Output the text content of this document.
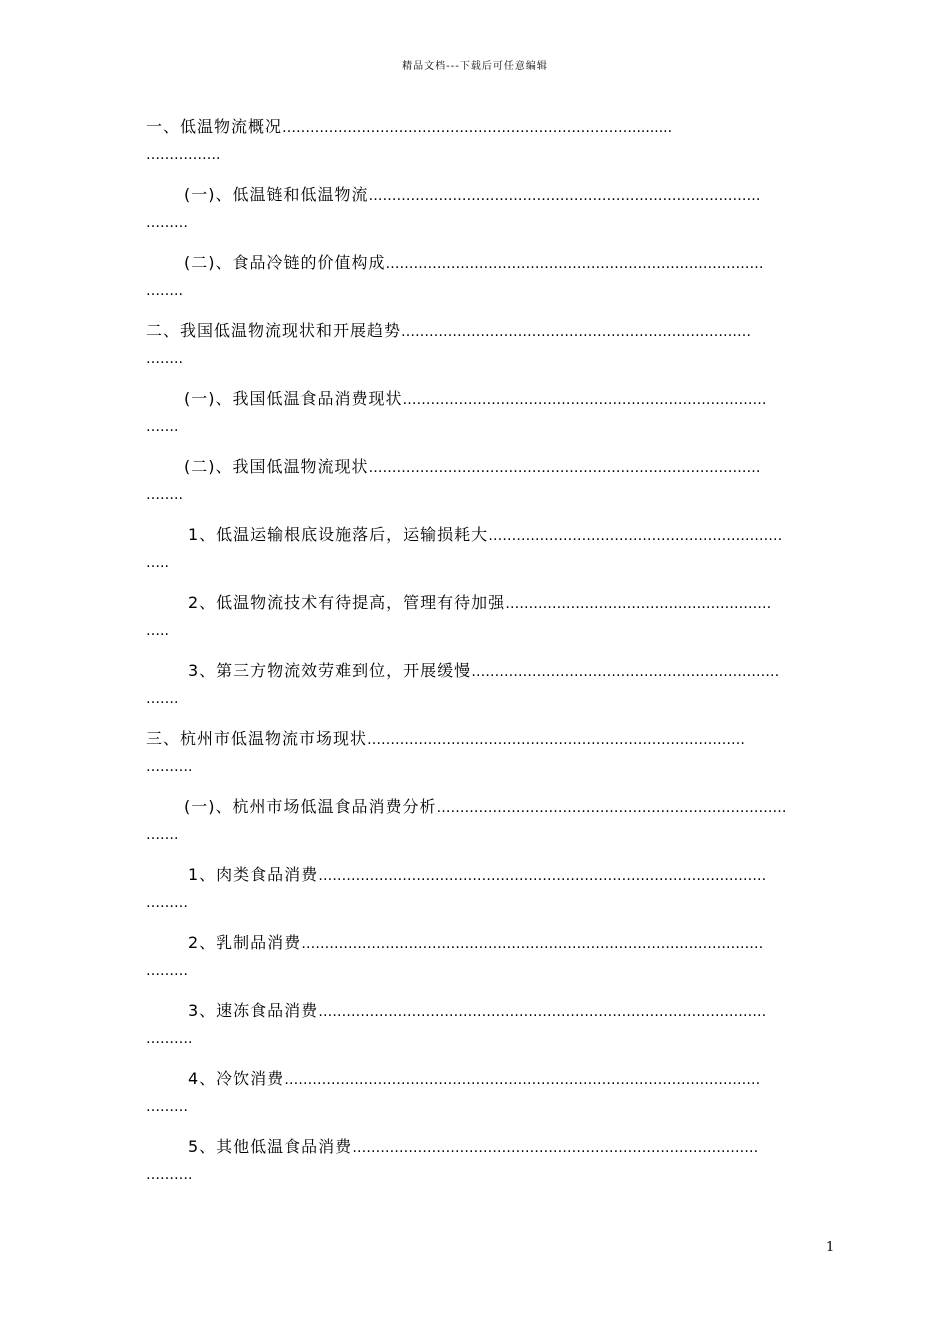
精品文档---下载后可任意编辑
一、低温物流概况………………………………………………………………….........
…………….
(一)、低温链和低温物流…………………………………………………………………………
………
(二)、食品冷链的价值构成………………………………………………………………………
……..
二、我国低温物流现状和开展趋势…………………………………………………………………
……..
(一)、我国低温食品消费现状……………………………………………………………………
…….
(二)、我国低温物流现状…………………………………………………………………………
……..
1、低温运输根底设施落后，运输损耗大………………………………………………………
…..
2、低温物流技术有待提高，管理有待加强…………………………………………………
…..
3、第三方物流效劳难到位，开展缓慢…………………………………………………………
…….
三、杭州市低温物流市场现状………………………………………………………………………
……….
(一)、杭州市场低温食品消费分析…………………………………………………………………
…….
1、肉类食品消费……………………………………………………………………………………
………
2、乳制品消费………………………………………………………………………………………
………
3、速冻食品消费……………………………………………………………………………………
……….
4、冷饮消费…………………………………………………………………………………………
………
5、其他低温食品消费……………………………………………………………………………
……….
1
